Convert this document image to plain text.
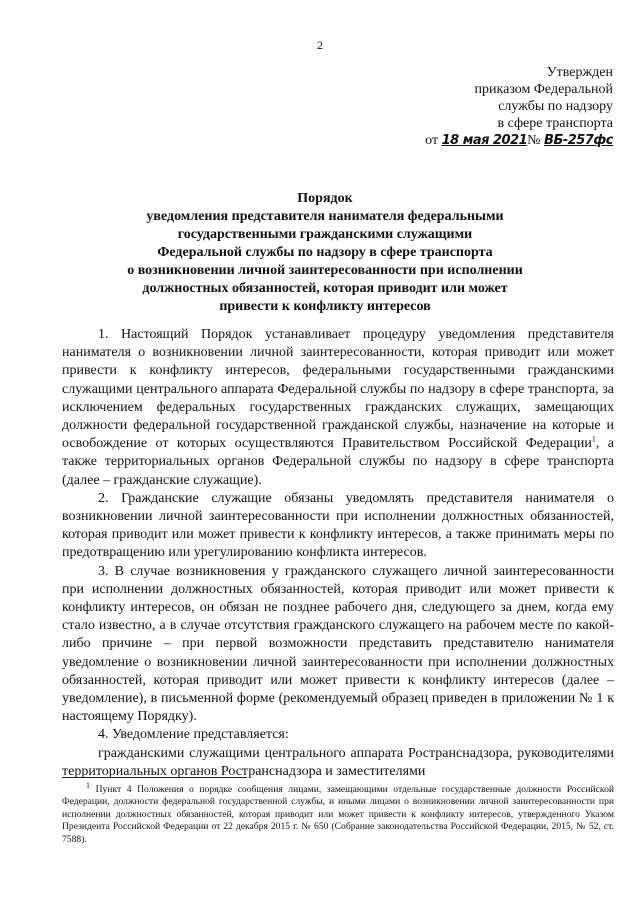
2
Утвержден
приказом Федеральной
службы по надзору
в сфере транспорта
от 18 мая 2021№ ВБ-257фс
Порядок
уведомления представителя нанимателя федеральными
государственными гражданскими служащими
Федеральной службы по надзору в сфере транспорта
о возникновении личной заинтересованности при исполнении
должностных обязанностей, которая приводит или может
привести к конфликту интересов

1. Настоящий Порядок устанавливает процедуру уведомления представителя нанимателя о возникновении личной заинтересованности, которая приводит или может привести к конфликту интересов, федеральными государственными гражданскими служащими центрального аппарата Федеральной службы по надзору в сфере транспорта, за исключением федеральных государственных гражданских служащих, замещающих должности федеральной государственной гражданской службы, назначение на которые и освобождение от которых осуществляются Правительством Российской Федерации$^1$, а также территориальных органов Федеральной службы по надзору в сфере транспорта (далее – гражданские служащие).

2. Гражданские служащие обязаны уведомлять представителя нанимателя о возникновении личной заинтересованности при исполнении должностных обязанностей, которая приводит или может привести к конфликту интересов, а также принимать меры по предотвращению или урегулированию конфликта интересов.

3. В случае возникновения у гражданского служащего личной заинтересованности при исполнении должностных обязанностей, которая приводит или может привести к конфликту интересов, он обязан не позднее рабочего дня, следующего за днем, когда ему стало известно, а в случае отсутствия гражданского служащего на рабочем месте по какой-либо причине – при первой возможности представить представителю нанимателя уведомление о возникновении личной заинтересованности при исполнении должностных обязанностей, которая приводит или может привести к конфликту интересов (далее – уведомление), в письменной форме (рекомендуемый образец приведен в приложении № 1 к настоящему Порядку).

4. Уведомление представляется:

гражданскими служащими центрального аппарата Ространснадзора, руководителями территориальных органов Ространснадзора и заместителями

$^1$ Пункт 4 Положения о порядке сообщения лицами, замещающими отдельные государственные должности Российской Федерации, должности федеральной государственной службы, и иными лицами о возникновении личной заинтересованности при исполнении должностных обязанностей, которая приводит или может привести к конфликту интересов, утвержденного Указом Президента Российской Федерации от 22 декабря 2015 г. № 650 (Собрание законодательства Российской Федерации, 2015, № 52, ст. 7588).
